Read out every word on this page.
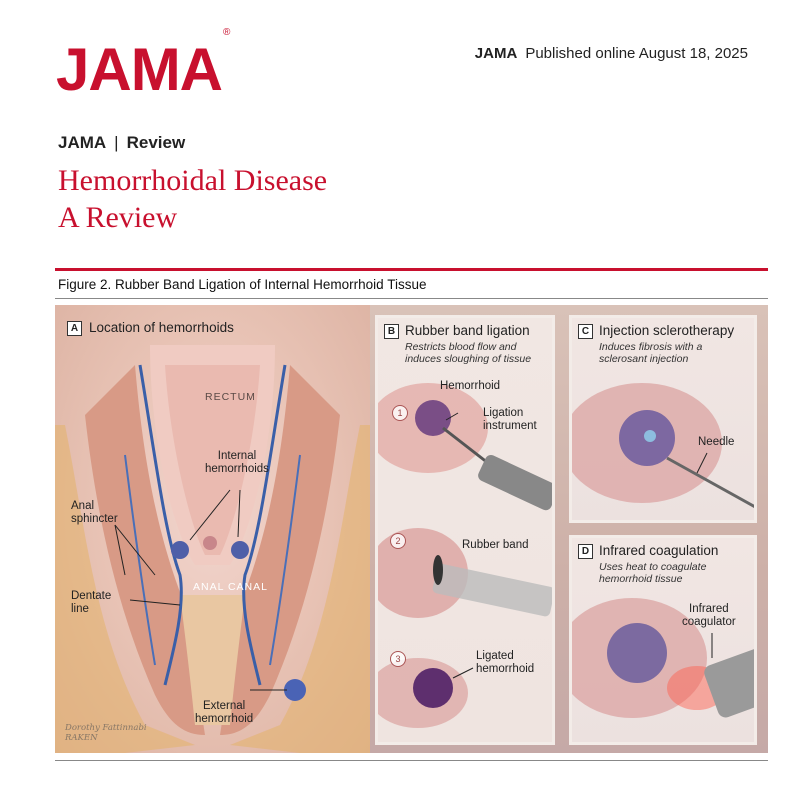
JAMA®
JAMA Published online August 18, 2025
JAMA | Review
Hemorrhoidal Disease
A Review
Figure 2. Rubber Band Ligation of Internal Hemorrhoid Tissue
A Location of hemorrhoids
RECTUM
Internal
hemorrhoids
Anal
sphincter
Dentate
line
ANAL CANAL
External
hemorrhoid
Dorothy Fattinnabi
RAKEN
B Rubber band ligation
Restricts blood flow and
induces sloughing of tissue
1
2
3
Hemorrhoid
Ligation
instrument
Rubber band
Ligated
hemorrhoid
C Injection sclerotherapy
Induces fibrosis with a
sclerosant injection
Needle
D Infrared coagulation
Uses heat to coagulate
hemorrhoid tissue
Infrared
coagulator
